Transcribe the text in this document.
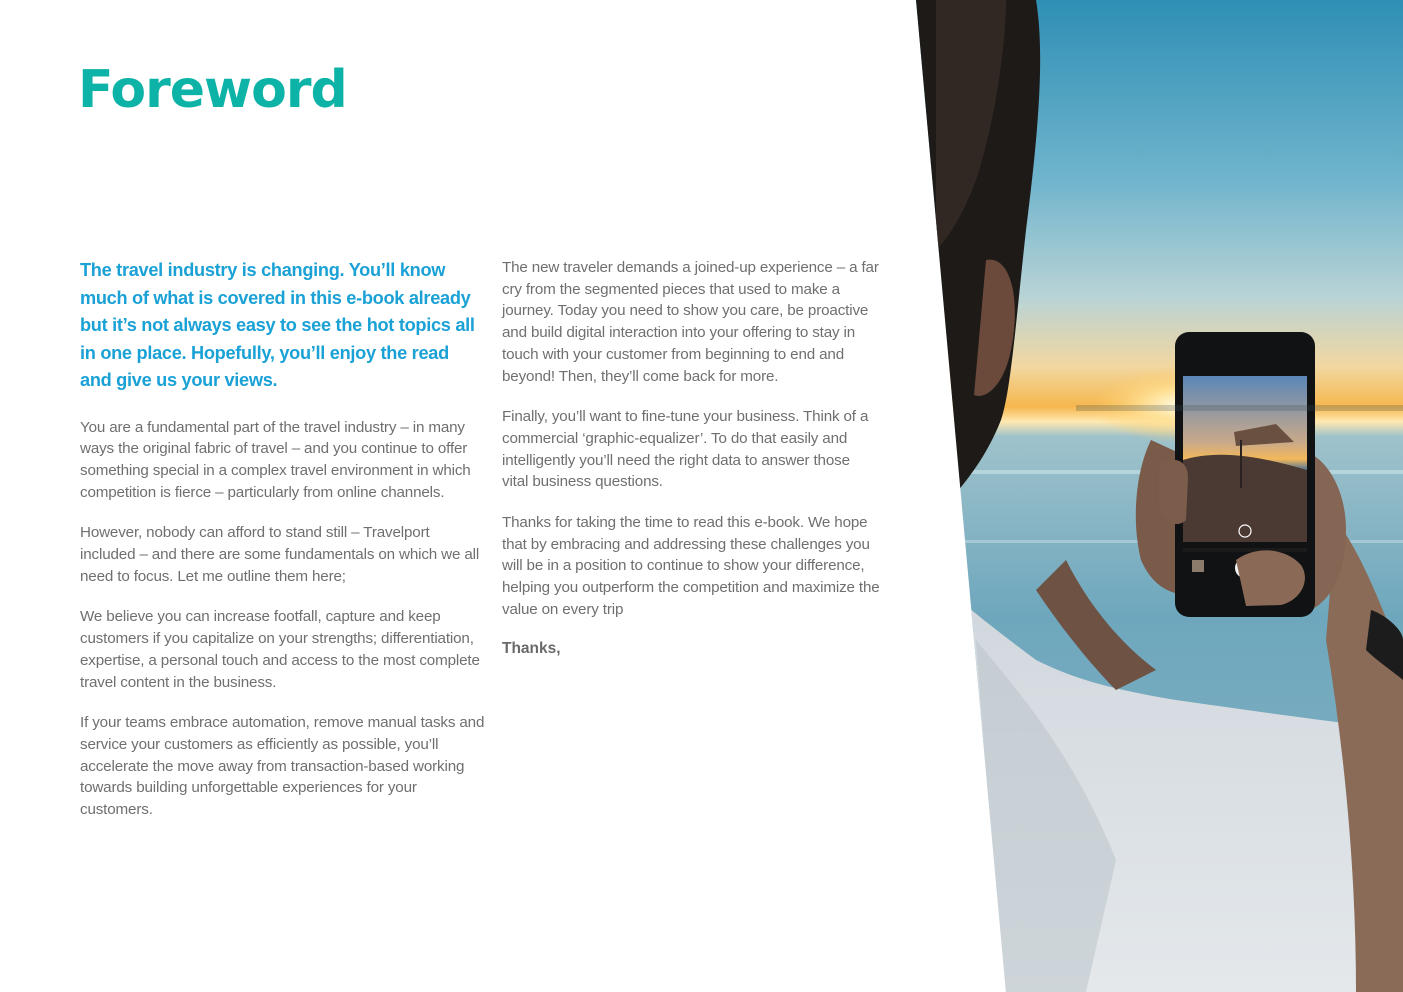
Foreword

The travel industry is changing. You’ll know much of what is covered in this e-book already but it’s not always easy to see the hot topics all in one place. Hopefully, you’ll enjoy the read and give us your views.

You are a fundamental part of the travel industry – in many ways the original fabric of travel – and you continue to offer something special in a complex travel environment in which competition is fierce – particularly from online channels.

However, nobody can afford to stand still – Travelport included – and there are some fundamentals on which we all need to focus. Let me outline them here;

We believe you can increase footfall, capture and keep customers if you capitalize on your strengths; differentiation, expertise, a personal touch and access to the most complete travel content in the business.

If your teams embrace automation, remove manual tasks and service your customers as efficiently as possible, you’ll accelerate the move away from transaction-based working towards building unforgettable experiences for your customers.

The new traveler demands a joined-up experience – a far cry from the segmented pieces that used to make a journey. Today you need to show you care, be proactive and build digital interaction into your offering to stay in touch with your customer from beginning to end and beyond! Then, they’ll come back for more.

Finally, you’ll want to fine-tune your business. Think of a commercial ‘graphic-equalizer’. To do that easily and intelligently you’ll need the right data to answer those vital business questions.

Thanks for taking the time to read this e-book. We hope that by embracing and addressing these challenges you will be in a position to continue to show your difference, helping you outperform the competition and maximize the value on every trip

Thanks,
